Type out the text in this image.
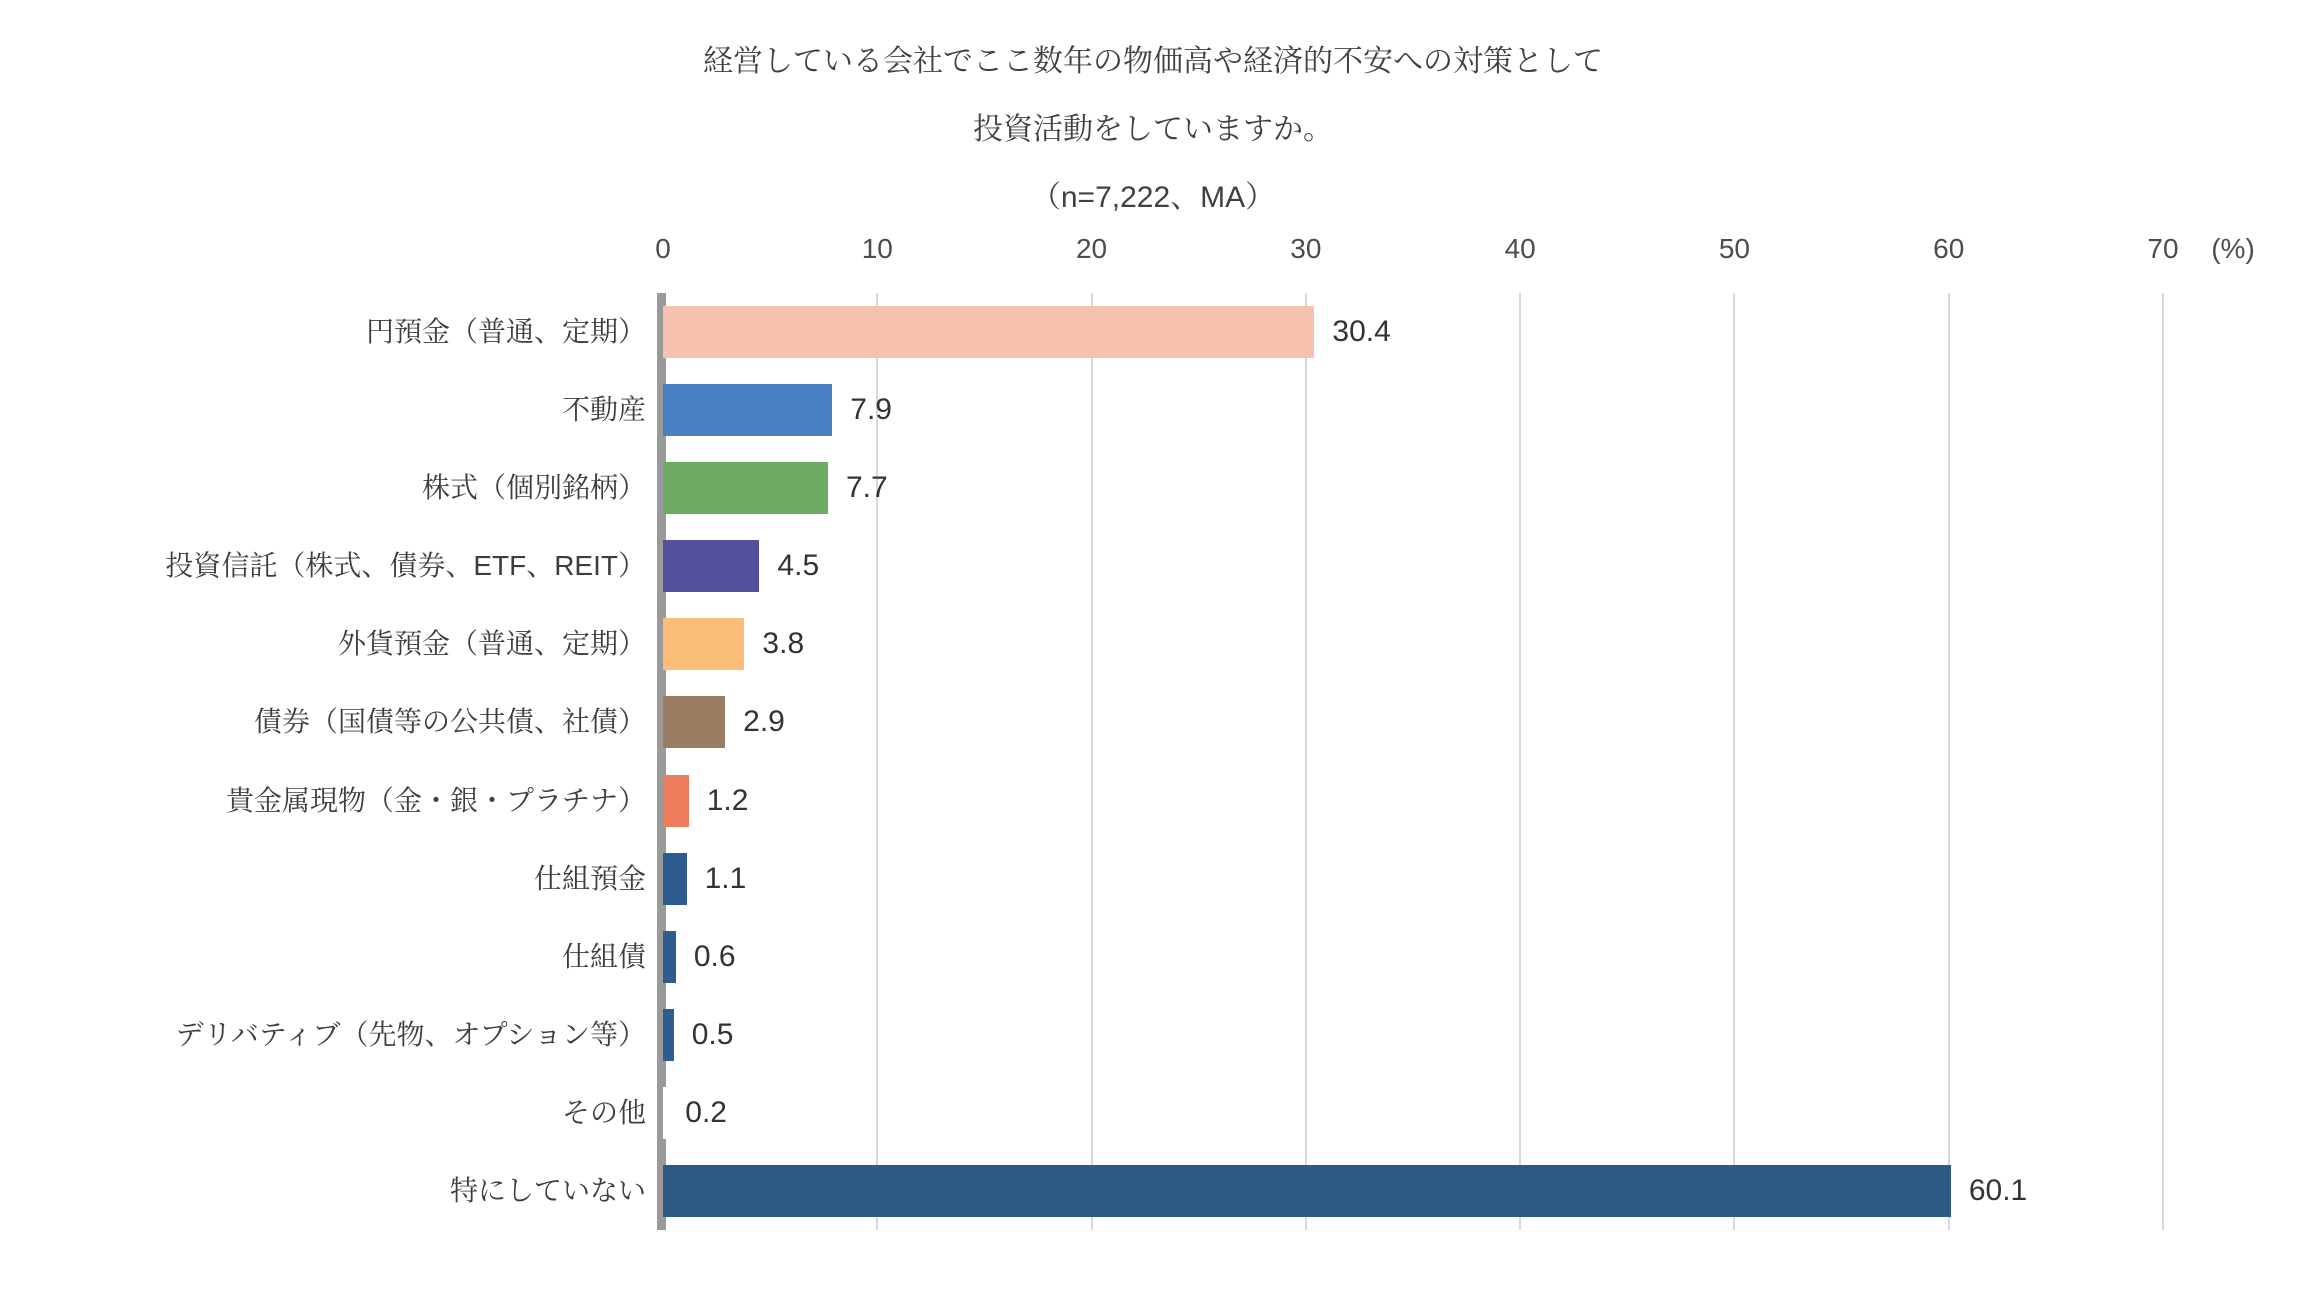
経営している会社でここ数年の物価高や経済的不安への対策として
投資活動をしていますか。
（n=7,222、MA）
0	10	20	30	40	50	60	70	(%)
円預金（普通、定期）	30.4
不動産	7.9
株式（個別銘柄）	7.7
投資信託（株式、債券、ETF、REIT）	4.5
外貨預金（普通、定期）	3.8
債券（国債等の公共債、社債）	2.9
貴金属現物（金・銀・プラチナ） 1.2
仕組預金 1.1
仕組債 0.6
デリバティブ（先物、オプション等） 0.5
その他 0.2
特にしていない	60.1
